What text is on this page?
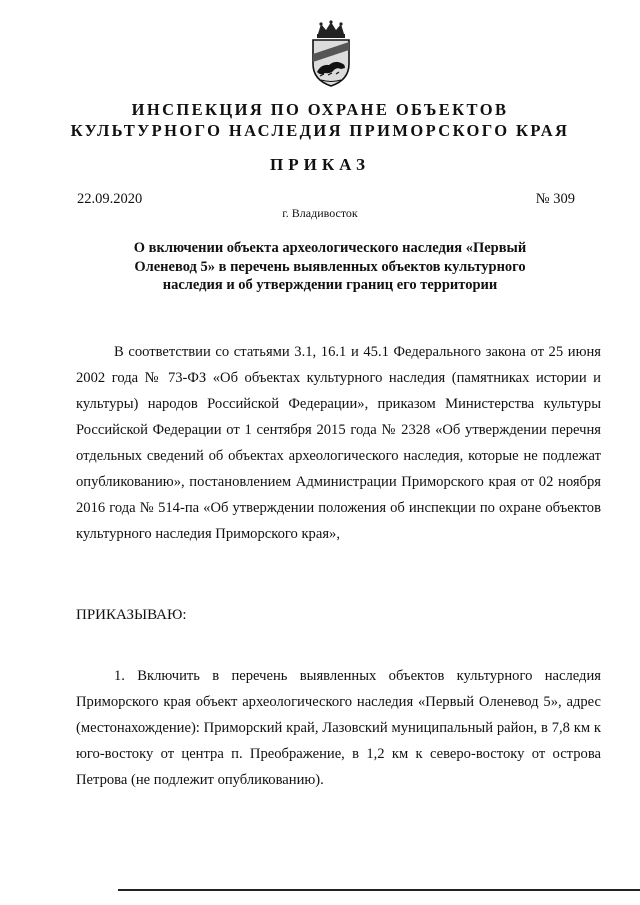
ИНСПЕКЦИЯ ПО ОХРАНЕ ОБЪЕКТОВ
КУЛЬТУРНОГО НАСЛЕДИЯ ПРИМОРСКОГО КРАЯ
ПРИКАЗ
22.09.2020	№ 309
г. Владивосток
О включении объекта археологического наследия «Первый Оленевод 5» в перечень выявленных объектов культурного наследия и об утверждении границ его территории
В соответствии со статьями 3.1, 16.1 и 45.1 Федерального закона от 25 июня 2002 года № 73-ФЗ «Об объектах культурного наследия (памятниках истории и культуры) народов Российской Федерации», приказом Министерства культуры Российской Федерации от 1 сентября 2015 года № 2328 «Об утверждении перечня отдельных сведений об объектах археологического наследия, которые не подлежат опубликованию», постановлением Администрации Приморского края от 02 ноября 2016 года № 514-па «Об утверждении положения об инспекции по охране объектов культурного наследия Приморского края»,
ПРИКАЗЫВАЮ:
1. Включить в перечень выявленных объектов культурного наследия Приморского края объект археологического наследия «Первый Оленевод 5», адрес (местонахождение): Приморский край, Лазовский муниципальный район, в 7,8 км к юго-востоку от центра п. Преображение, в 1,2 км к северо-востоку от острова Петрова (не подлежит опубликованию).
